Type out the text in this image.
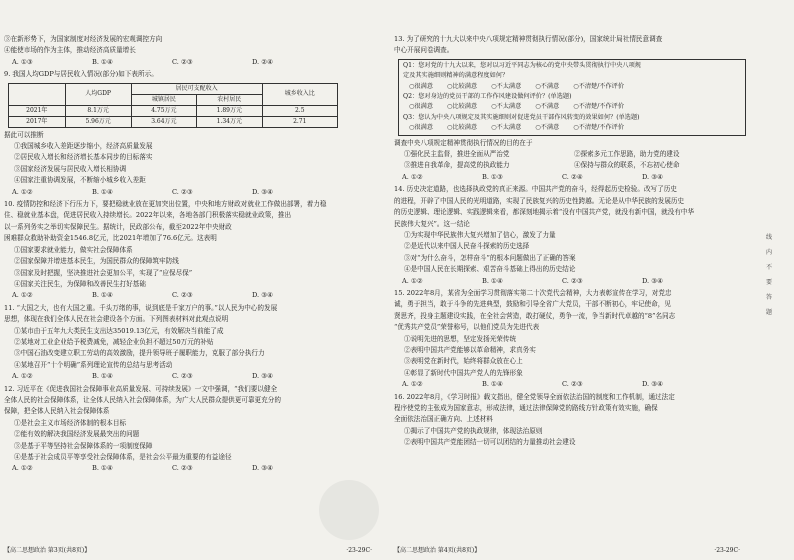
③在新形势下，为国家制度对经济发展的宏观调控方向
④能使市场的作为主体，推动经济高质量增长
A. ①③	B. ①④	C. ②③	D. ②④
9. 我国人均GDP与居民收入情况(部分)如下表所示。
	人均GDP	居民可支配收入		城乡收入比
		城镇居民	农村居民	
2021年	8.1万元	4.75万元	1.89万元	2.5
2017年	5.96万元	3.64万元	1.34万元	2.71
据此可以推断
①我国城乡收入差距逐步缩小，经济高质量发展
②居民收入增长和经济增长基本同步的目标落实
③国家经济发展与居民收入增长相协调
④国家注重协调发展，不断缩小城乡收入差距
A. ①②	B. ①④	C. ②③	D. ③④
10. 疫情防控和经济下行压力下，要把稳就业放在更加突出位置，中央和地方财政对就业工作做出部署，着力稳
住、稳就业基本盘，促进居民收入持续增长。2022年以来，各地各部门积极落实稳就业政策，推出
以一系列务实之举切实保障民生。据统计，民政部公布，截至2022年中央财政
困难群众救助补助资金1546.8亿元，比2021年增加了76.6亿元。这表明
①国家要求就业能力，做实社会保障体系
②国家保障并增进基本民生，为国民群众的保障筑牢防线
③国家及时把握，坚决推进社会更加公平，实现了“应保尽保”
④国家关注民生，为保障和改善民生打好基础
A. ①②	B. ①④	C. ②③	D. ③④
11. “大国之大，也有大国之重。千头万绪的事，说到底是千家万户的事。”以人民为中心的发展
思想，体现在我们全体人民在社会建设各个方面。下列图表材料对此观点说明
①某市由于五年九大类民生支出达35019.13亿元，有效解决当前能了成
②某地对工业企业给予税费减免，减轻企业负担不超过50万元的补贴
③中国石油改变建立职工劳动的高效激励，提升领导班子履职能力，克服了部分执行力
④某地召开“十个明确”系列理论宣传的总结与思考活动
A. ①②	B. ①④	C. ②③	D. ③④
12. 习近平在《促进我国社会保障事业高质量发展、可持续发展》一文中强调，“我们要以健全
全体人民的社会保障体系，让全体人民纳入社会保障体系，为广大人民群众提供更可靠更充分的
保障，把全体人民纳入社会保障体系
①是社会主义市场经济体制的根本目标
②能有效的解决我国经济发展最突出的问题
③是基于平等坚持社会保障体系的一项制度保障
④是基于社会成员平等享受社会保障体系，是社会公平最为重要的有益途径
A. ①②	B. ①④	C. ②③	D. ③④
【高二思想政治 第3页(共8页)】	·23-29C·
13. 为了研究的十九大以来中央八项规定精神贯彻执行情况(部分)，国家统计局社情民意调查
中心开展问卷调查。
Q1：您对党的十九大以来，您对以习近平同志为核心的党中央带头贯彻执行中央八项规
定及其实施细则精神的满意程度如何？
○很满意 ○比较满意 ○不太满意 ○不满意 ○不清楚/不作评价
Q2：您对身边的党员干部的工作作风建设做何评价？(单选题)
○很满意 ○比较满意 ○不太满意 ○不满意 ○不清楚/不作评价
Q3：您认为中央八项规定及其实施细则对促进党员干部作风转变的效果如何？(单选题)
○很满意 ○比较满意 ○不太满意 ○不满意 ○不清楚/不作评价
调查中央八项规定精神贯彻执行情况的目的在于
①强化民主监督，推进全面从严治党	②探索多元工作思路，助力党的建设
③推进自我革命，提高党的执政能力	④保持与群众的联系，不忘初心使命
A. ①②	B. ①③	C. ②④	D. ③④
14. 历史决定道路，也选择执政党的真正来源。中国共产党的奋斗，经得起历史检验。改写了历史
的进程，开辟了中国人民的光明道路，实现了民族复兴的历史性跨越。无论是从中华民族的发展历史
的历史逻辑、理论逻辑、实践逻辑来看，都深刻地揭示着“没有中国共产党，就没有新中国，就没有中华
民族伟大复兴”。这一结论
①为实现中华民族伟大复兴增加了信心，激发了力量
②是近代以来中国人民奋斗探索的历史选择
③对“为什么奋斗，怎样奋斗”的根本问题做出了正确的答案
④是中国人民在长期探索、艰苦奋斗基础上得出的历史结论
A. ①②	B. ①④	C. ②③	D. ③④
15. 2022年8月，某省为全面学习贯彻落实第二十次党代会精神，大力表彰宣传在学习，对党忠
诚，勇于担当，敢于斗争的先进典型，鼓励和引导全省广大党员，干部不断初心，牢记使命，见
贤思齐，投身主题建设实践，在全社会营造，敢打硬仗，勇争一流，争当新时代卓越的“8”名同志
“优秀共产党员”荣誉称号，以他们党员为先进代表
①说明先进的思想，坚定发扬光荣传统
②表明中国共产党能够以革命精神，求真务实
③表明党在新时代，始终将群众放在心上
④彰显了新时代中国共产党人的先锋形象
A. ①②	B. ①④	C. ②③	D. ③④
16. 2022年8月，《学习时报》载文指出，健全党领导全面依法治国的制度和工作机制，通过法定
程序使党的主张成为国家意志，形成法律，通过法律保障党的路线方针政策有效实施，确保
全面依法治国正确方向、上述材料
①揭示了中国共产党的执政规律，体现法治原则
②表明中国共产党能团结一切可以团结的力量推动社会建设
【高二思想政治 第4页(共8页)】	·23-29C·
线
内
不
要
答
题
